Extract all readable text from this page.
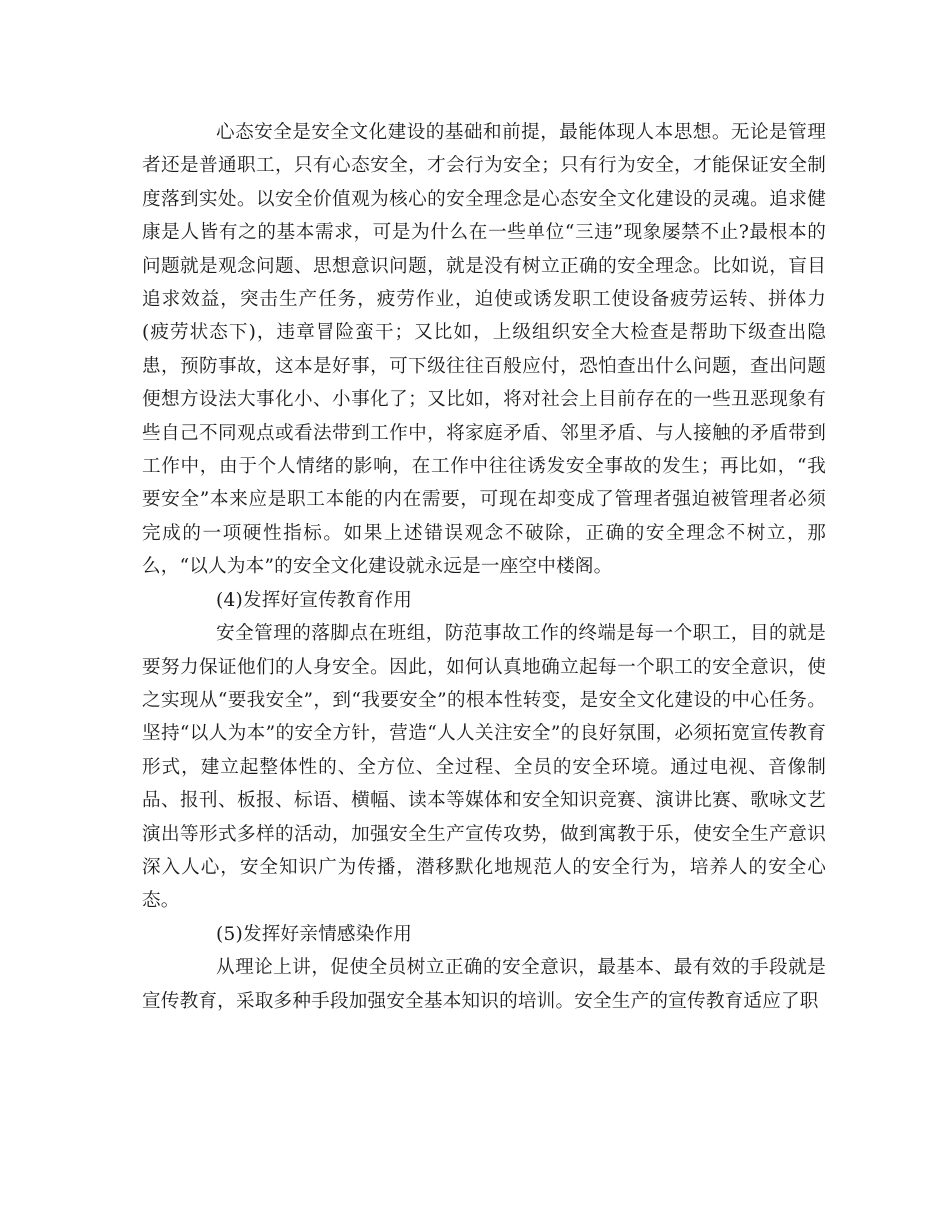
心态安全是安全文化建设的基础和前提，最能体现人本思想。无论是管理者还是普通职工，只有心态安全，才会行为安全；只有行为安全，才能保证安全制度落到实处。以安全价值观为核心的安全理念是心态安全文化建设的灵魂。追求健康是人皆有之的基本需求，可是为什么在一些单位“三违”现象屡禁不止?最根本的问题就是观念问题、思想意识问题，就是没有树立正确的安全理念。比如说，盲目追求效益，突击生产任务，疲劳作业，迫使或诱发职工使设备疲劳运转、拼体力(疲劳状态下)，违章冒险蛮干；又比如，上级组织安全大检查是帮助下级查出隐患，预防事故，这本是好事，可下级往往百般应付，恐怕查出什么问题，查出问题便想方设法大事化小、小事化了；又比如，将对社会上目前存在的一些丑恶现象有些自己不同观点或看法带到工作中，将家庭矛盾、邻里矛盾、与人接触的矛盾带到工作中，由于个人情绪的影响，在工作中往往诱发安全事故的发生；再比如，“我要安全”本来应是职工本能的内在需要，可现在却变成了管理者强迫被管理者必须完成的一项硬性指标。如果上述错误观念不破除，正确的安全理念不树立，那么，“以人为本”的安全文化建设就永远是一座空中楼阁。

(4)发挥好宣传教育作用

安全管理的落脚点在班组，防范事故工作的终端是每一个职工，目的就是要努力保证他们的人身安全。因此，如何认真地确立起每一个职工的安全意识，使之实现从“要我安全”，到“我要安全”的根本性转变，是安全文化建设的中心任务。坚持“以人为本”的安全方针，营造“人人关注安全”的良好氛围，必须拓宽宣传教育形式，建立起整体性的、全方位、全过程、全员的安全环境。通过电视、音像制品、报刊、板报、标语、横幅、读本等媒体和安全知识竞赛、演讲比赛、歌咏文艺演出等形式多样的活动，加强安全生产宣传攻势，做到寓教于乐，使安全生产意识深入人心，安全知识广为传播，潜移默化地规范人的安全行为，培养人的安全心态。

(5)发挥好亲情感染作用

从理论上讲，促使全员树立正确的安全意识，最基本、最有效的手段就是宣传教育，采取多种手段加强安全基本知识的培训。安全生产的宣传教育适应了职
